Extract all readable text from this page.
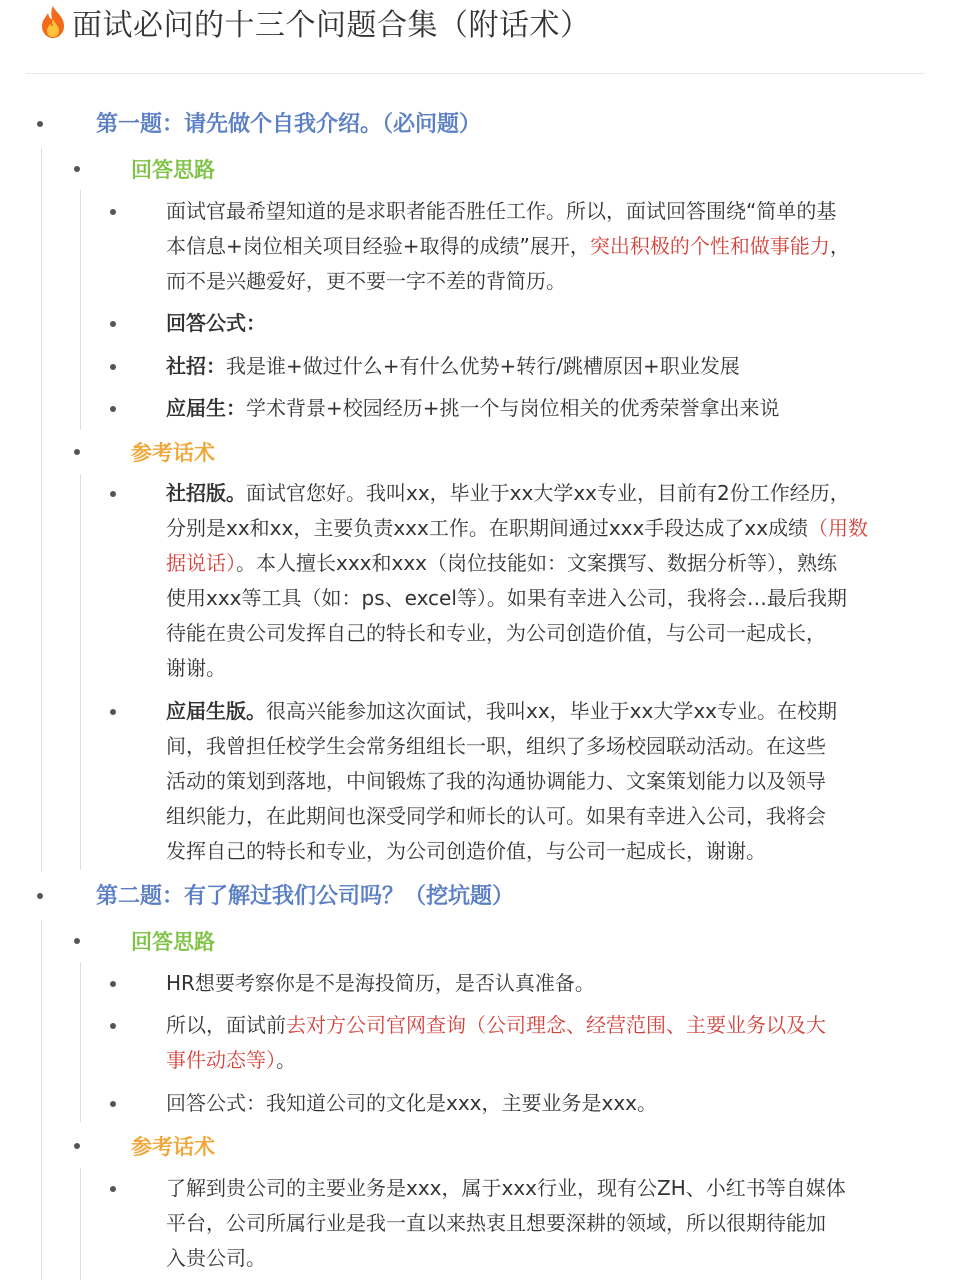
面试必问的十三个问题合集（附话术）
第一题：请先做个自我介绍。（必问题）
回答思路
面试官最希望知道的是求职者能否胜任工作。所以，面试回答围绕“简单的基
本信息+岗位相关项目经验+取得的成绩”展开，突出积极的个性和做事能力，
而不是兴趣爱好，更不要一字不差的背简历。
回答公式：
社招：我是谁+做过什么+有什么优势+转行/跳槽原因+职业发展
应届生：学术背景+校园经历+挑一个与岗位相关的优秀荣誉拿出来说
参考话术
社招版。面试官您好。我叫xx，毕业于xx大学xx专业，目前有2份工作经历，
分别是xx和xx，主要负责xxx工作。在职期间通过xxx手段达成了xx成绩（用数
据说话）。本人擅长xxx和xxx（岗位技能如：文案撰写、数据分析等），熟练
使用xxx等工具（如：ps、excel等）。如果有幸进入公司，我将会…最后我期
待能在贵公司发挥自己的特长和专业，为公司创造价值，与公司一起成长，
谢谢。
应届生版。很高兴能参加这次面试，我叫xx，毕业于xx大学xx专业。在校期
间，我曾担任校学生会常务组组长一职，组织了多场校园联动活动。在这些
活动的策划到落地，中间锻炼了我的沟通协调能力、文案策划能力以及领导
组织能力，在此期间也深受同学和师长的认可。如果有幸进入公司，我将会
发挥自己的特长和专业，为公司创造价值，与公司一起成长，谢谢。
第二题：有了解过我们公司吗？（挖坑题）
回答思路
HR想要考察你是不是海投简历，是否认真准备。
所以，面试前去对方公司官网查询（公司理念、经营范围、主要业务以及大
事件动态等）。
回答公式：我知道公司的文化是xxx，主要业务是xxx。
参考话术
了解到贵公司的主要业务是xxx，属于xxx行业，现有公ZH、小红书等自媒体
平台，公司所属行业是我一直以来热衷且想要深耕的领域，所以很期待能加
入贵公司。
